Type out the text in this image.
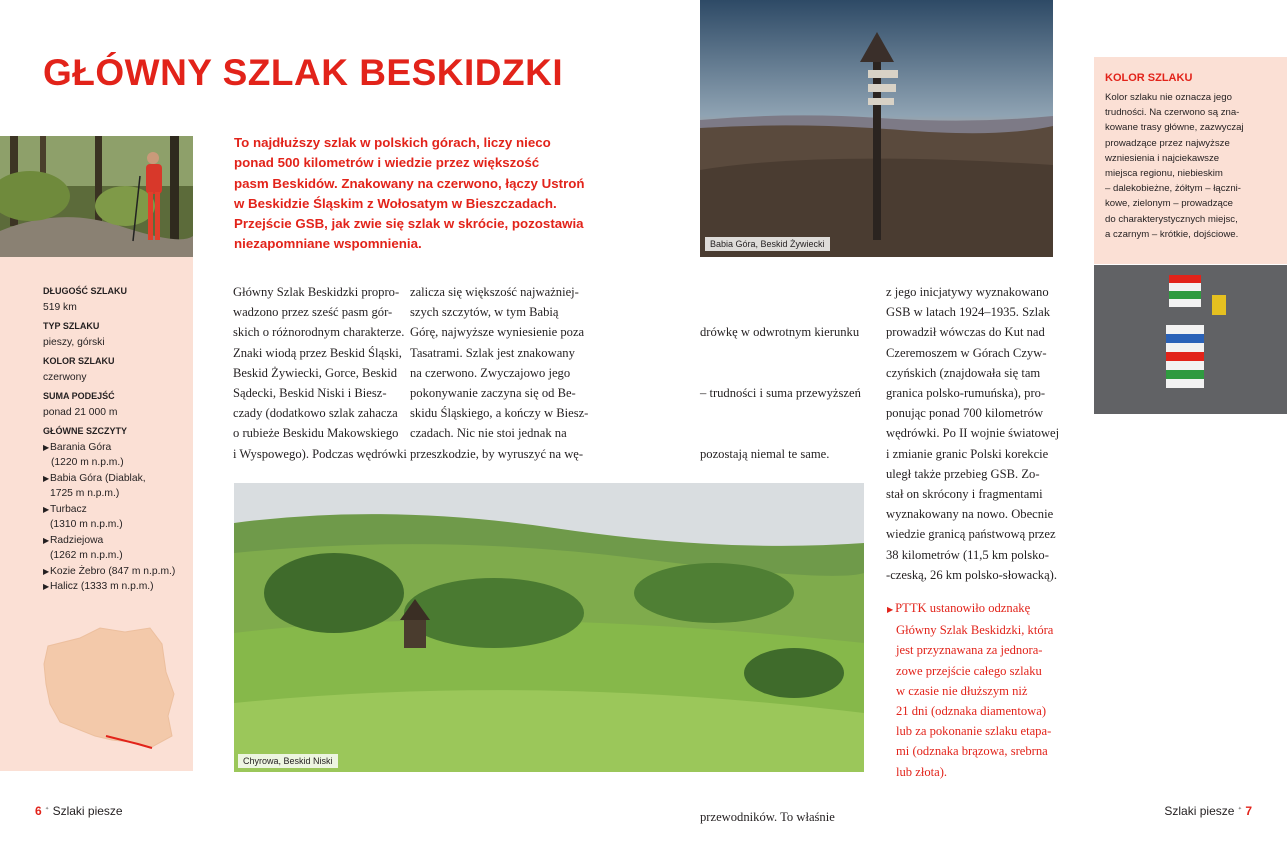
GŁÓWNY SZLAK BESKIDZKI
DŁUGOŚĆ SZLAKU
519 km
TYP SZLAKU
pieszy, górski
KOLOR SZLAKU
czerwony
SUMA PODEJŚĆ
ponad 21 000 m
GŁÓWNE SZCZYTY
▶ Barania Góra
(1220 m n.p.m.)
▶ Babia Góra (Diablak,
1725 m n.p.m.)
▶ Turbacz
(1310 m n.p.m.)
▶ Radziejowa
(1262 m n.p.m.)
▶ Kozie Żebro (847 m n.p.m.)
▶ Halicz (1333 m n.p.m.)
To najdłuższy szlak w polskich górach, liczy nieco
ponad 500 kilometrów i wiedzie przez większość
pasm Beskidów. Znakowany na czerwono, łączy Ustroń
w Beskidzie Śląskim z Wołosatym w Bieszczadach.
Przejście GSB, jak zwie się szlak w skrócie, pozostawia
niezapomniane wspomnienia.
Główny Szlak Beskidzki propro-
wadzono przez sześć pasm gór-
skich o różnorodnym charakterze.
Znaki wiodą przez Beskid Śląski,
Beskid Żywiecki, Gorce, Beskid
Sądecki, Beskid Niski i Biesz-
czady (dodatkowo szlak zahacza
o rubieże Beskidu Makowskiego
i Wyspowego). Podczas wędrówki
zalicza się większość najważniej-
szych szczytów, w tym Babią
Górę, najwyższe wyniesienie poza
Tasatrami. Szlak jest znakowany
na czerwono. Zwyczajowo jego
pokonywanie zaczyna się od Be-
skidu Śląskiego, a kończy w Biesz-
czadach. Nic nie stoi jednak na
przeszkodzie, by wyruszyć na wę-

drówkę w odwrotnym kierunku

– trudności i suma przewyższeń

pozostają niemal te same.

przewodników. To właśnie

z jego inicjatywy wyznakowano
GSB w latach 1924–1935. Szlak
prowadził wówczas do Kut nad
Czeremoszem w Górach Czyw-
czyńskich (znajdowała się tam
granica polsko-rumuńska), pro-
ponując ponad 700 kilometrów
wędrówki. Po II wojnie światowej
i zmianie granic Polski korekcie
uległ także przebieg GSB. Zo-
stał on skrócony i fragmentami
wyznakowany na nowo. Obecnie
wiedzie granicą państwową przez
38 kilometrów (11,5 km polsko-
-czeską, 26 km polsko-słowacką).
▶ PTTK ustanowiło odznakę
Główny Szlak Beskidzki, która
jest przyznawana za jednora-
zowe przejście całego szlaku
w czasie nie dłuższym niż
21 dni (odznaka diamentowa)
lub za pokonanie szlaku etapa-
mi (odznaka brązowa, srebrna
lub złota).
Babia Góra, Beskid Żywiecki
Chyrowa, Beskid Niski
KOLOR SZLAKU
Kolor szlaku nie oznacza jego
trudności. Na czerwono są zna-
kowane trasy główne, zazwyczaj
prowadzące przez najwyższe
wzniesienia i najciekawsze
miejsca regionu, niebieskim
– dalekobieżne, żółtym – łączni-
kowe, zielonym – prowadzące
do charakterystycznych miejsc,
a czarnym – krótkie, dojściowe.
6 ✦ Szlaki piesze	Szlaki piesze ✦ 7
